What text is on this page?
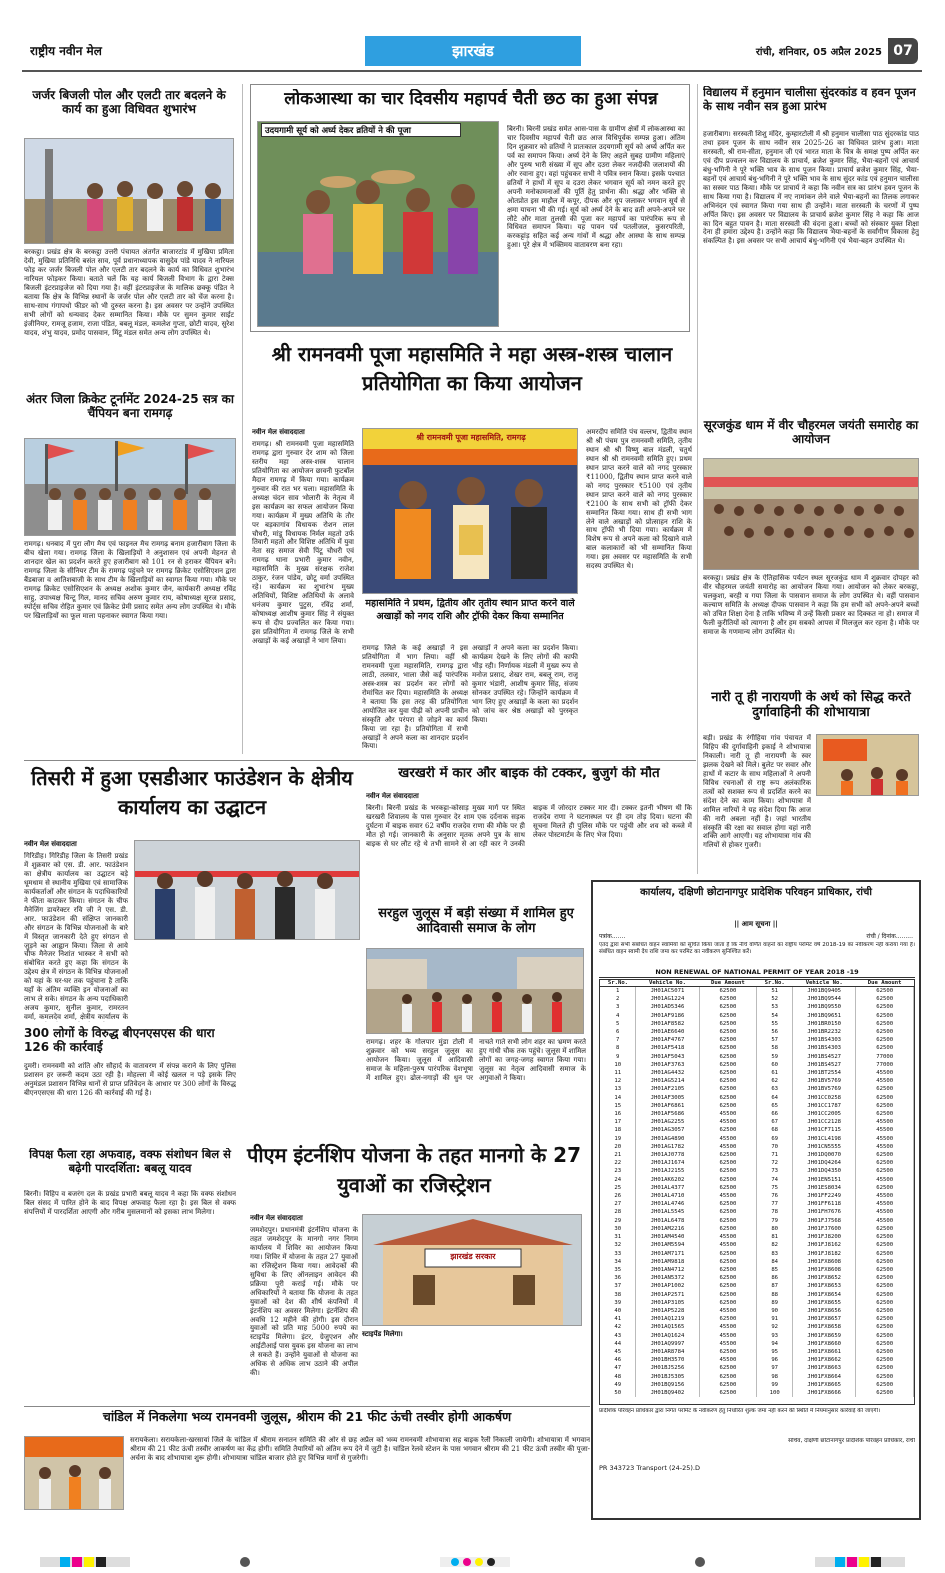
राष्ट्रीय नवीन मेल	झारखंड	रांची, शनिवार, 05 अप्रैल 2025 07
जर्जर बिजली पोल और एलटी तार बदलने के कार्य का हुआ विधिवत शुभारंभ
बरकट्ठा। प्रखंड क्षेत्र के बरकट्ठा उत्तरी पंचायत अंतर्गत बाजारटांड में मुखिया प्रमिता देवी, मुखिया प्रतिनिधि बसंत साव, पूर्व प्रधानाध्यापक वासुदेव पांडे यादव ने नारियल फोड़ कर जर्जर बिजली पोल और एलटी तार बदलने के कार्य का विधिवत शुभारंभ नारियल फोड़कर किया। बताते चलें कि यह कार्य बिजली विभाग के द्वारा टेक्स बिजली इंटरप्राइजेज को दिया गया है। वहीं इंटरप्राइजेज के मालिक छक्कू पंडित ने बताया कि क्षेत्र के विभिन्न स्थानों के जर्जर पोल और एलटी तार को चेंज करना है। साथ-साथ गंगापथो फीडर को भी दुरुस्त करना है। इस अवसर पर उन्होंने उपस्थित सभी लोगों को धन्यवाद देकर सम्मानित किया। मौके पर सुमन कुमार साईट इंजीनियर, रामजू हजाम, राजा पंडित, बबलू मंडल, कमलेश गुप्ता, छोटी यादव, सुरेश यादव, शंभु यादव, प्रमोद पासवान, मिंटू मंडल समेत अन्य लोग उपस्थित थे।
अंतर जिला क्रिकेट टूर्नामेंट 2024-25 सत्र का चैंपियन बना रामगढ़
रामगढ़। धनबाद में पुरा लौग मैच एवं फाइनल मैच रामगढ़ बनाम हजारीबाग जिला के बीच खेला गया। रामगढ़ जिला के खिलाड़ियों ने अनुशासन एवं अपनी मेहनत से शानदार खेल का प्रदर्शन करते हुए हजारीबाग को 101 रन से हराकर चैंपियन बने। रामगढ़ जिला के सीनियर टीम के रामगढ़ पहुंचने पर रामगढ़ क्रिकेट एसोसिएशन द्वारा बैंडबाजा व आतिशबाजी के साथ टीम के खिलाड़ियों का स्वागत किया गया। मौके पर रामगढ़ क्रिकेट एसोसिएशन के अध्यक्ष अशोक कुमार जैन, कार्यकारी अध्यक्ष रविंद्र साहु, उपाध्यक्ष चिन्टू गिल, मानद सचिव अरुण कुमार राय, कोषाध्यक्ष सूरज प्रसाद, स्पोर्ट्स सचिव रोहित कुमार एवं क्रिकेट प्रेमी प्रसाद समेत अन्य लोग उपस्थित थे। मौके पर खिलाड़ियों का फूल माला पहनाकर स्वागत किया गया।
लोकआस्था का चार दिवसीय महापर्व चैती छठ का हुआ संपन्न
उदयगामी सूर्य को अर्घ्य देकर व्रतियों ने की पूजा	बिरनी। बिरनी प्रखंड समेत आस-पास के ग्रामीण क्षेत्रों में लोकआस्था का चार दिवसीय महापर्व चैती छठ आज विधिपूर्वक सम्पन्न हुआ। अंतिम दिन शुक्रवार को व्रतियों ने प्रातःकाल उदयगामी सूर्य को अर्घ्य अर्पित कर पर्व का समापन किया। अर्घ्य देने के लिए अहले सुबह ग्रामीण महिलाएं और पुरुष भारी संख्या में सूप और दउरा लेकर नजदीकी जलाशयों की ओर रवाना हुए। वहां पहुंचकर सभी ने पवित्र स्नान किया। इसके पश्चात व्रतियों ने हाथों में सूप व दउरा लेकर भगवान सूर्य को नमन करते हुए अपनी मनोकामनाओं की पूर्ति हेतु प्रार्थना की। श्रद्धा और भक्ति से ओतप्रोत इस माहौल में कपूर, दीपक और धूप जलाकर भगवान सूर्य से क्षमा याचना भी की गई। सूर्य को अर्घ्य देने के बाद व्रती अपने-अपने घर लौटे और माता तुलसी की पूजा कर महापर्व का पारंपरिक रूप से विधिवत समापन किया। यह पावन पर्व पतलीजल, कुसरपरिती, करकट्टांड़ सहित कई अन्य गांवों में श्रद्धा और आस्था के साथ सम्पन्न हुआ। पूरे क्षेत्र में भक्तिमय वातावरण बना रहा।
विद्यालय में हनुमान चालीसा सुंदरकांड व हवन पूजन के साथ नवीन सत्र हुआ प्रारंभ
हजारीबाग। सरस्वती शिशु मंदिर, कुम्हारटोली में श्री हनुमान चालीसा पाठ सुंदरकांड पाठ तथा हवन पूजन के साथ नवीन सत्र 2025-26 का विधिवत प्रारंभ हुआ। माता सरस्वती, श्री राम-सीता, हनुमान जी एवं भारत माता के चित्र के समक्ष पुष्प अर्पित कर एवं दीप प्रज्वलन कर विद्यालय के प्राचार्य, ब्रजेश कुमार सिंह, भैया-बहनों एवं आचार्य बंधु-भगिनी ने पूरे भक्ति भाव के साथ पूजन किया। प्राचार्य ब्रजेश कुमार सिंह, भैया-बहनों एवं आचार्य बंधु-भगिनी ने पूरे भक्ति भाव के साथ सुंदर कांड एवं हनुमान चालीसा का सस्वर पाठ किया। मौके पर प्राचार्य ने कहा कि नवीन सत्र का प्रारंभ हवन पूजन के साथ किया गया है। विद्यालय में नए नामांकन लेने वाले भैया-बहनों का तिलक लगाकर अभिनंदन एवं स्वागत किया गया साथ ही उन्होंने। माता सरस्वती के चरणों में पुष्प अर्पित किए। इस अवसर पर विद्यालय के प्राचार्य ब्रजेश कुमार सिंह ने कहा कि आज का दिन बहुत पावन है। माता सरस्वती की वंदना हुआ। बच्चों को संस्कार युक्त शिक्षा देना ही हमारा उद्देश्य है। उन्होंने कहा कि विद्यालय भैया-बहनों के सर्वांगीण विकास हेतु संकल्पित है। इस अवसर पर सभी आचार्य बंधु-भगिनी एवं भैया-बहन उपस्थित थे।
सूरजकुंड धाम में वीर चौहरमल जयंती समारोह का आयोजन
बरकट्ठा। प्रखंड क्षेत्र के ऐतिहासिक पर्यटन स्थल सूरजकुंड धाम में शुक्रवार दोपहर को वीर चौहरमल जयंती समारोह का आयोजन किया गया। आयोजन को लेकर बरकट्ठा, चलकुशा, बरही व गया जिला के पासवान समाज के लोग उपस्थित थे। वहीं पासवान कल्याण समिति के अध्यक्ष दीपक पासवान ने कहा कि हम सभी को अपने-अपने बच्चों को उचित शिक्षा देना है ताकि भविष्य में उन्हें किसी प्रकार का दिक्कत ना हो। समाज में फैली कुरीतियों को त्यागना है और हम सबको आपस में मिलजुल कर रहना है। मौके पर समाज के गणमान्य लोग उपस्थित थे।
नारी तू ही नारायणी के अर्थ को सिद्ध करते दुर्गावाहिनी की शोभायात्रा
बड़ी। प्रखंड के रंगीहिया गांव पंचायत में विहिप की दुर्गावाहिनी इकाई ने शोभायात्रा निकाली। नारी तू ही नारायणी के स्वर झलक देखने को मिले। बुलेट पर सवार और हाथों में कटार के साथ महिलाओं ने अपनी विविध रचनाओं से राष्ट्र रूप अलंकारिक तत्वों को सशक्त रूप से प्रदर्शित करने का संदेश देने का काम किया। शोभायात्रा में शामिल नारियों ने यह संदेश दिया कि आज की नारी अबला नहीं है। जहां भारतीय संस्कृति की रक्षा का सवाल होगा वहां नारी शक्ति आगे आएगी। यह शोभायात्रा गांव की गलियों से होकर गुजरी।
श्री रामनवमी पूजा महासमिति ने महा अस्त्र-शस्त्र चालान प्रतियोगिता का किया आयोजन
नवीन मेल संवाददाता
रामगढ़। श्री रामनवमी पूजा महासमिति रामगढ़ द्वारा गुरुवार देर शाम को जिला स्तरीय महा अस्त्र-शस्त्र चालान प्रतियोगिता का आयोजन छावनी फुटबॉल मैदान रामगढ़ में किया गया। कार्यक्रम गुरुवार की रात भर चला। महासमिति के अध्यक्ष चंदन साव भोलारी के नेतृत्व में इस कार्यक्रम का सफल आयोजन किया गया। कार्यक्रम में मुख्य अतिथि के तौर पर बड़कागांव विधायक रोशन लाल चौधरी, मांडू विधायक निर्मल महतो उर्फ तिवारी महतो और विशिष्ट अतिथि में युवा नेता सह समाज सेवी पिंटू चौधरी एवं रामगढ़ थाना प्रभारी कुमार नवीन, महासमिति के मुख्य संरक्षक राजेश ठाकुर, रंजन पांडेय, छोटू वर्मा उपस्थित रहे। कार्यक्रम का शुभारंभ मुख्य अतिथियों, विशिष्ट अतिथियों के अलावे धनंजय कुमार पुटुस, रविंद्र शर्मा, कोषाध्यक्ष आशीष कुमार सिंह ने संयुक्त रूप से दीप प्रज्वलित कर किया गया। इस प्रतियोगिता में रामगढ़ जिले के सभी अखाड़ों के कई अखाड़ों ने भाग लिया।
श्री रामनवमी पूजा महासमिति, रामगढ़
महासमिति ने प्रथम, द्वितीय और तृतीय स्थान प्राप्त करने वाले अखाड़ों को नगद राशि और ट्रॉफी देकर किया सम्मानित
रामगढ़ जिले के कई अखाड़ों ने इस प्रतियोगिता में भाग लिया। वहीं श्री रामनवमी पूजा महासमिति, रामगढ़ द्वारा लाठी, तलवार, भाला जैसे कई पारंपरिक अस्त्र-शस्त्र का प्रदर्शन कर लोगों को रोमांचित कर दिया। महासमिति के अध्यक्ष ने बताया कि इस तरह की प्रतियोगिता आयोजित कर युवा पीढ़ी को अपनी प्राचीन संस्कृति और परंपरा से जोड़ने का कार्य किया जा रहा है। प्रतियोगिता में सभी अखाड़ों ने अपने कला का शानदार प्रदर्शन किया।
अखाड़ों ने अपने कला का प्रदर्शन किया। कार्यक्रम देखने के लिए लोगों की काफी भीड़ रही। निर्णायक मंडली में मुख्य रूप से मनोज प्रसाद, शेखर राम, बबलू राम, राजू कुमार भंडारी, आशीष कुमार सिंह, संजय सोनकर उपस्थित रहे। जिन्होंने कार्यक्रम में भाग लिए हुए अखाड़ों के कला का प्रदर्शन को जांच कर श्रेष्ठ अखाड़ों को पुरस्कृत किया।
अमरदीप समिति पंच वल्लभ, द्वितीय स्थान श्री श्री पंचम पुत्र रामनवमी समिति, तृतीय स्थान श्री श्री विष्णु बाल मंडली, चतुर्थ स्थान श्री श्री रामनवमी समिति हुए। प्रथम स्थान प्राप्त करने वाले को नगद पुरस्कार ₹11000, द्वितीय स्थान प्राप्त करने वाले को नगद पुरस्कार ₹5100 एवं तृतीय स्थान प्राप्त करने वाले को नगद पुरस्कार ₹2100 के साथ सभी को ट्रॉफी देकर सम्मानित किया गया। साथ ही सभी भाग लेने वाले अखाड़ों को प्रोत्साहन राशि के साथ ट्रॉफी भी दिया गया। कार्यक्रम में विशेष रूप से अपने कला को दिखाने वाले बाल कलाकारों को भी सम्मानित किया गया। इस अवसर पर महासमिति के सभी सदस्य उपस्थित थे।
तिसरी में हुआ एसडीआर फाउंडेशन के क्षेत्रीय कार्यालय का उद्घाटन
नवीन मेल संवाददाता
गिरिडीह। गिरिडीह जिला के तिसरी प्रखंड में शुक्रवार को एस. डी. आर. फाउंडेशन का क्षेत्रीय कार्यालय का उद्घाटन बड़े धूमधाम से स्थानीय मुखिया एवं सामाजिक कार्यकर्ताओं और संगठन के पदाधिकारियों ने फीता काटकर किया। संगठन के चीफ मैनेजिंग डायरेक्टर रवि जी ने एस. डी. आर. फाउंडेशन की संक्षिप्त जानकारी और संगठन के विभिन्न योजनाओं के बारे में विस्तृत जानकारी देते हुए संगठन से जुड़ने का आह्वान किया। जिला से आये चीफ मैनेजर निशांत भास्कर ने सभी को संबोधित करते हुए कहा कि संगठन के उद्देश्य क्षेत्र में संगठन के विभिन्न योजनाओं को यहां के घर-घर तक पहुंचाना है ताकि यहाँ के अंतिम व्यक्ति इन योजनाओं का लाभ ले सके। संगठन के अन्य पदाधिकारी अजय कुमार, सुनील कुमार, रामरतन वर्मा, कमलदेव शर्मा, क्षेत्रीय कार्यालय के
300 लोगों के विरुद्ध बीएनएसएस की धारा 126 की कार्रवाई
दुमरी। रामनवमी को शांति और सौहार्द के वातावरण में संपन्न कराने के लिए पुलिस प्रशासन हर जरूरी कदम उठा रही है। मोहल्ला में कोई खलल न पड़े इसके लिए अनुमंडल प्रशासन विभिन्न थानों से प्राप्त प्रतिवेदन के आधार पर 300 लोगों के विरुद्ध बीएनएसएस की धारा 126 की कार्रवाई की गई है।
विपक्ष फैला रहा अफवाह, वक्फ संशोधन बिल से बढ़ेगी पारदर्शिता: बबलू यादव
बिरनी। विहिप व बजरंग दल के प्रखंड प्रभारी बबलू यादव ने कहा कि वक्फ संशोधन बिल संसद में पारित होने के बाद विपक्ष अफवाह फैला रहा है। इस बिल से वक्फ संपत्तियों में पारदर्शिता आएगी और गरीब मुसलमानों को इसका लाभ मिलेगा।
खरखरी में कार और बाइक की टक्कर, बुजुर्ग की मौत
नवीन मेल संवाददाता
बिरनी। बिरनी प्रखंड के भरकट्टा-कोसाड़ मुख्य मार्ग पर स्थित खरखरी शिवालय के पास गुरुवार देर शाम एक दर्दनाक सड़क दुर्घटना में बाइक सवार 62 वर्षीय राजदेव राणा की मौके पर ही मौत हो गई। जानकारी के अनुसार मृतक अपने पुत्र के साथ बाइक से घर लौट रहे थे तभी सामने से आ रही कार ने उनकी बाइक में जोरदार टक्कर मार दी। टक्कर इतनी भीषण थी कि राजदेव राणा ने घटनास्थल पर ही दम तोड़ दिया। घटना की सूचना मिलते ही पुलिस मौके पर पहुंची और शव को कब्जे में लेकर पोस्टमार्टम के लिए भेज दिया।
सरहुल जुलूस में बड़ी संख्या में शामिल हुए आदिवासी समाज के लोग
रामगढ़। शहर के गोलपार मुंडा टोली में शुक्रवार को भव्य सरहुल जुलूस का आयोजन किया। जुलूस में आदिवासी समाज के महिला-पुरुष पारंपरिक वेशभूषा में शामिल हुए। ढोल-नगाड़ों की धुन पर नाचते गाते सभी लोग शहर का भ्रमण करते हुए गांधी चौक तक पहुंचे। जुलूस में शामिल लोगों का जगह-जगह स्वागत किया गया। जुलूस का नेतृत्व आदिवासी समाज के अगुवाओं ने किया।
पीएम इंटर्नशिप योजना के तहत मानगो के 27 युवाओं का रजिस्ट्रेशन
नवीन मेल संवाददाता
जमशेदपुर। प्रधानमंत्री इंटर्नशिप योजना के तहत जमशेदपुर के मानगो नगर निगम कार्यालय में शिविर का आयोजन किया गया। शिविर में योजना के तहत 27 युवाओं का रजिस्ट्रेशन किया गया। आवेदकों की सुविधा के लिए ऑनलाइन आवेदन की प्रक्रिया पूरी कराई गई। मौके पर अधिकारियों ने बताया कि योजना के तहत युवाओं को देश की शीर्ष कंपनियों में इंटर्नशिप का अवसर मिलेगा। इंटर्नशिप की अवधि 12 महीने की होगी। इस दौरान युवाओं को प्रति माह 5000 रुपये का स्टाइपेंड मिलेगा। इंटर, ग्रेजुएशन और आईटीआई पास युवक इस योजना का लाभ ले सकते हैं। उन्होंने युवाओं से योजना का अधिक से अधिक लाभ उठाने की अपील की।
झारखंड सरकार
स्टाइपेंड मिलेगा।
चांडिल में निकलेगा भव्य रामनवमी जुलूस, श्रीराम की 21 फीट ऊंची तस्वीर होगी आकर्षण
सरायकेला। सरायकेला-खरसावां जिले के चांडिल में श्रीराम सनातन समिति की ओर से छह अप्रैल को भव्य रामनवमी शोभायात्रा सह बाइक रैली निकाली जायेगी। शोभायात्रा में भगवान श्रीराम की 21 फीट ऊंची तस्वीर आकर्षण का केंद्र होगी। समिति तैयारियों को अंतिम रूप देने में जुटी है। चांडिल रेलवे स्टेशन के पास भगवान श्रीराम की 21 फीट ऊंची तस्वीर की पूजा-अर्चना के बाद शोभायात्रा शुरू होगी। शोभायात्रा चांडिल बाजार होते हुए विभिन्न मार्गों से गुजरेगी।
कार्यालय, दक्षिणी छोटानागपुर प्रादेशिक परिवहन प्राधिकार, रांची
|| आम सूचना ||
पत्रांक.......	रांची / दिनांक.........
एतद द्वारा सभी संबंधित वाहन स्वामियों को सूचित किया जाता है कि नीचे वर्णित वाहनों का राष्ट्रीय परमिट वर्ष 2018-19 का नवीकरण नहीं कराया गया है। संबंधित वाहन स्वामी देय राशि जमा कर परमिट का नवीकरण सुनिश्चित करें।
NON RENEWAL OF NATIONAL PERMIT OF YEAR 2018 -19
Sr.No.	Vehicle No.	Due Amount	Sr.No.	Vehicle No.	Due Amount
1	JH01AC5071	62500	51	JH01BQ9405	62500
2	JH01AG1224	62500	52	JH01BQ9544	62500
3	JH01AD5346	62500	53	JH01BQ9550	62500
4	JH01AF9186	62500	54	JH01BQ9651	62500
5	JH01AF8582	62500	55	JH01BR0150	62500
6	JH01AE6640	62500	56	JH01BR2232	62500
7	JH01AF4767	62500	57	JH01BS4303	62500
8	JH01AF5418	62500	58	JH01BS4303	62500
9	JH01AF5043	62500	59	JH01BS4527	77000
10	JH01AF3763	62500	60	JH01BS4527	77000
11	JH01AG4432	62500	61	JH01BT2554	45500
12	JH01AG5214	62500	62	JH01BV5769	45500
13	JH01AF2105	62500	63	JH01BV5769	62500
14	JH01AF3005	62500	64	JH01CC0258	62500
15	JH01AF6861	62500	65	JH01CC1787	62500
16	JH01AF5686	45500	66	JH01CC2005	62500
17	JH01AG2255	45500	67	JH01CC2128	45500
18	JH01AG3057	62500	68	JH01CF7115	45500
19	JH01AG4890	45500	69	JH01CL4198	45500
20	JH01AG1782	45500	70	JH01CN5555	45500
21	JH01AJ0778	62500	71	JH01DQ0070	62500
22	JH01AJ1674	62500	72	JH01DQ4264	62500
23	JH01AJ2155	62500	73	JH01DQ4350	62500
24	JH01AK6202	62500	74	JH01EN5151	45500
25	JH01AL4377	62500	75	JH01ES8034	62500
26	JH01AL4710	45500	76	JH01FF2249	45500
27	JH01AL4746	62500	77	JH01FF6118	45500
28	JH01AL5545	62500	78	JH01FH7676	45500
29	JH01AL6478	62500	79	JH01FJ7568	45500
30	JH01AM2216	62500	80	JH01FJ7600	62500
31	JH01AM4540	45500	81	JH01FJ8200	62500
32	JH01AM5594	45500	82	JH01FJ8162	62500
33	JH01AM7171	62500	83	JH01FJ8182	62500
34	JH01AM9818	62500	84	JH01FX8608	62500
35	JH01AN4712	62500	85	JH01FX8608	62500
36	JH01AN5372	62500	86	JH01FX8652	62500
37	JH01AP1002	62500	87	JH01FX8653	62500
38	JH01AP2571	62500	88	JH01FX8654	62500
39	JH01AP3105	62500	89	JH01FX8655	62500
40	JH01AP5228	45500	90	JH01FX8656	62500
41	JH01AQ1219	62500	91	JH01FX8657	62500
42	JH01AQ1565	45500	92	JH01FX8658	62500
43	JH01AQ1624	45500	93	JH01FX8659	62500
44	JH01AQ9997	45500	94	JH01FX8660	62500
45	JH01AR8784	62500	95	JH01FX8661	62500
46	JH01BH3570	45500	96	JH01FX8662	62500
47	JH01BJ5256	62500	97	JH01FX8663	62500
48	JH01BJ5305	62500	98	JH01FX8664	62500
49	JH01BQ9156	62500	99	JH01FX8665	62500
50	JH01BQ9402	62500	100	JH01FX8666	62500
प्रादेशिक परिवहन प्राधिकार द्वारा निर्गत परमिट के नवीकरण हेतु निर्धारित शुल्क जमा नहीं करने की स्थिति में नियमानुसार कार्रवाई की जाएगी।
सचिव, दक्षिणी छोटानागपुर प्रादेशिक परिवहन प्राधिकार, रांची
PR 343723 Transport (24-25).D
